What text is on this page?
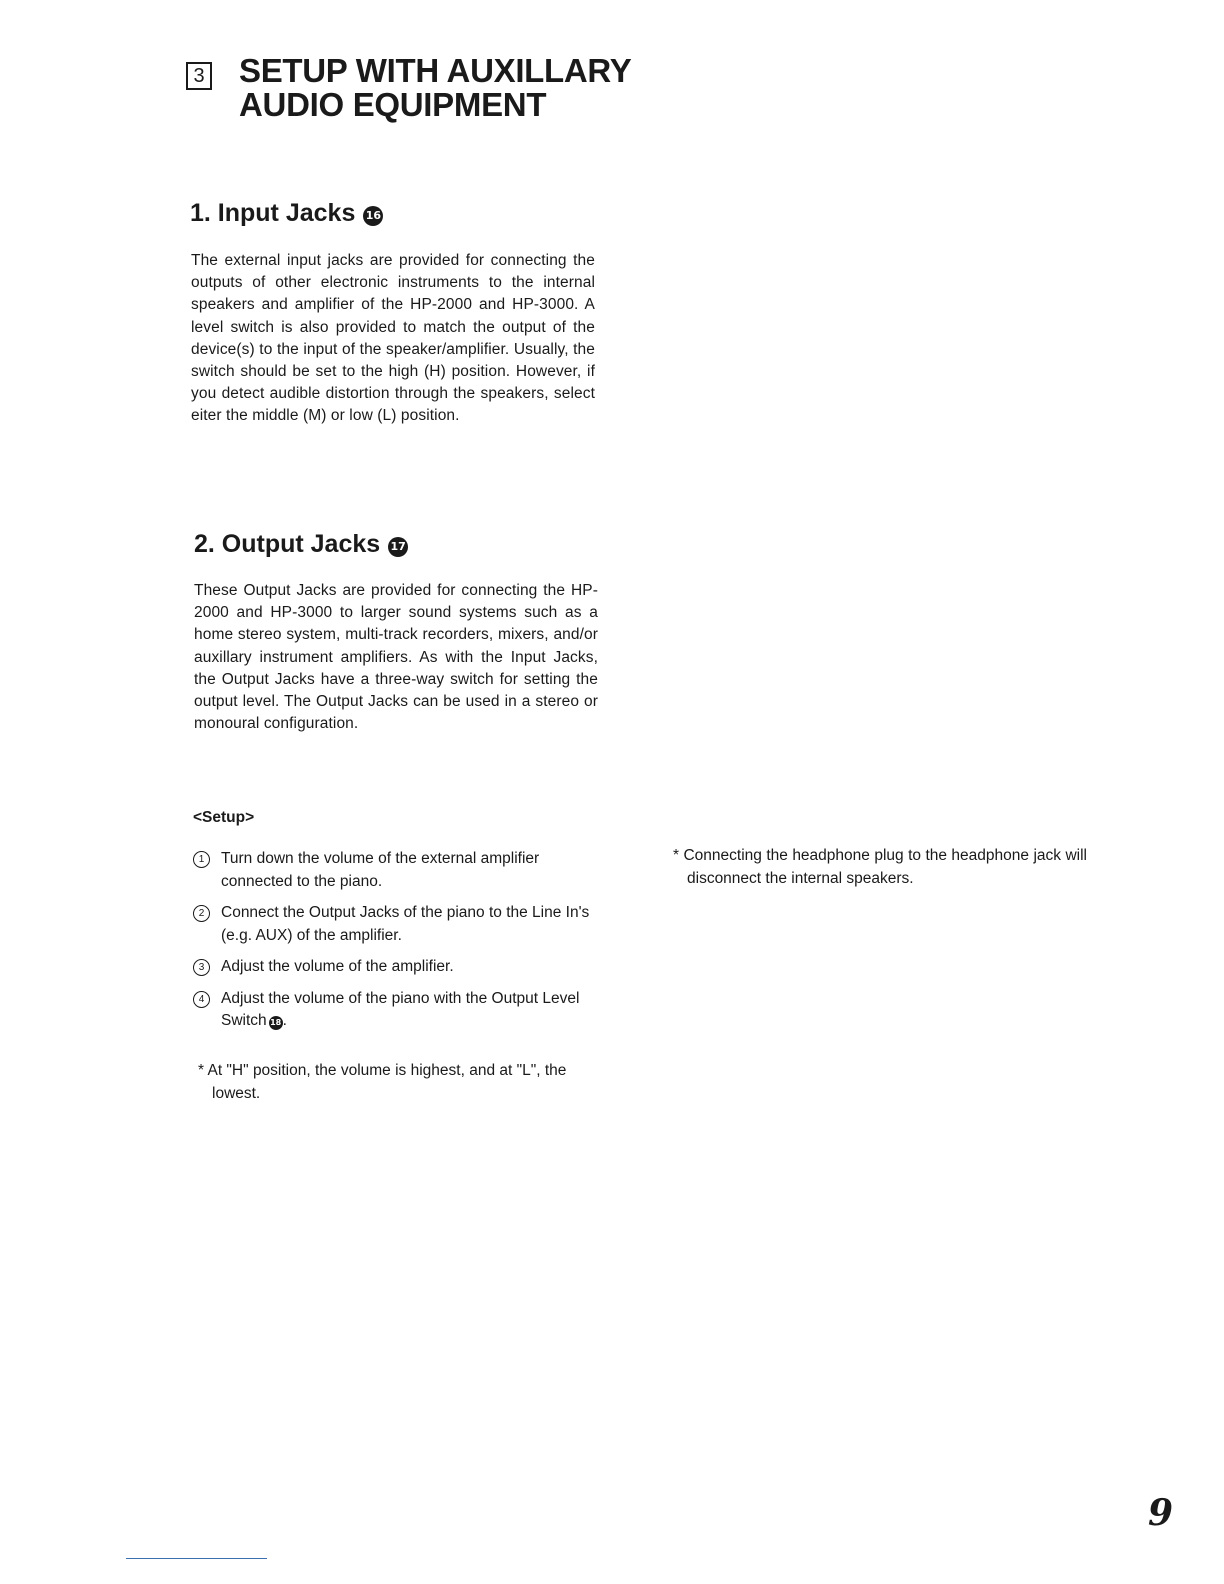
3 SETUP WITH AUXILLARY
AUDIO EQUIPMENT
1. Input Jacks 16

The external input jacks are provided for connecting the outputs of other electronic instruments to the internal speakers and amplifier of the HP-2000 and HP-3000. A level switch is also provided to match the output of the device(s) to the input of the speaker/amplifier. Usually, the switch should be set to the high (H) position. However, if you detect audible distortion through the speakers, select eiter the middle (M) or low (L) position.

2. Output Jacks 17

These Output Jacks are provided for connecting the HP-2000 and HP-3000 to larger sound systems such as a home stereo system, multi-track recorders, mixers, and/or auxillary instrument amplifiers. As with the Input Jacks, the Output Jacks have a three-way switch for setting the output level. The Output Jacks can be used in a stereo or monoural configuration.

<Setup>

1	Turn down the volume of the external amplifier connected to the piano.
2	Connect the Output Jacks of the piano to the Line In's (e.g. AUX) of the amplifier.
3	Adjust the volume of the amplifier.
4	Adjust the volume of the piano with the Output Level Switch 18.

* At "H" position, the volume is highest, and at "L", the lowest.

* Connecting the headphone plug to the headphone jack will disconnect the internal speakers.

9
